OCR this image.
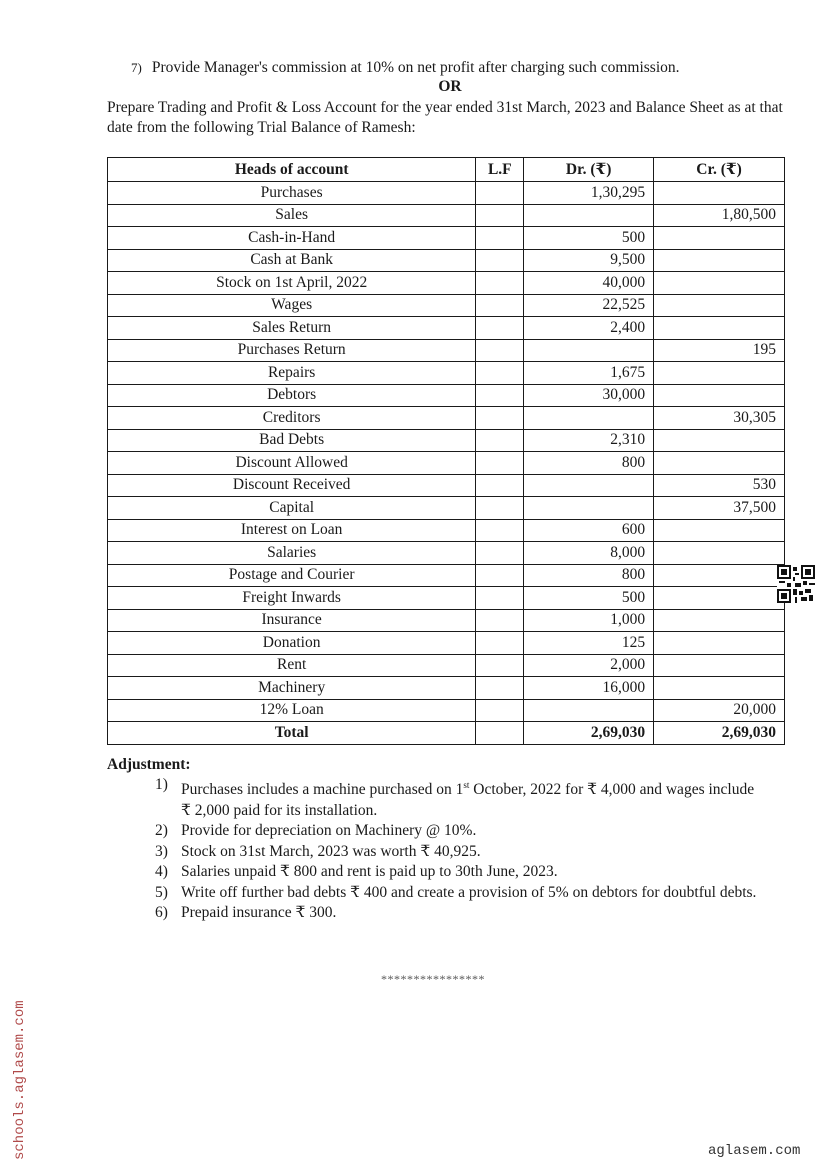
7) Provide Manager's commission at 10% on net profit after charging such commission.
OR
Prepare Trading and Profit & Loss Account for the year ended 31st March, 2023 and Balance Sheet as at that date from the following Trial Balance of Ramesh:
Heads of account	L.F	Dr. (₹)	Cr. (₹)
Purchases		1,30,295	
Sales			1,80,500
Cash-in-Hand		500	
Cash at Bank		9,500	
Stock on 1st April, 2022		40,000	
Wages		22,525	
Sales Return		2,400	
Purchases Return			195
Repairs		1,675	
Debtors		30,000	
Creditors			30,305
Bad Debts		2,310	
Discount Allowed		800	
Discount Received			530
Capital			37,500
Interest on Loan		600	
Salaries		8,000	
Postage and Courier		800	
Freight Inwards		500	
Insurance		1,000	
Donation		125	
Rent		2,000	
Machinery		16,000	
12% Loan			20,000
Total		2,69,030	2,69,030
Adjustment:
1) Purchases includes a machine purchased on 1st October, 2022 for ₹ 4,000 and wages include ₹ 2,000 paid for its installation.
2) Provide for depreciation on Machinery @ 10%.
3) Stock on 31st March, 2023 was worth ₹ 40,925.
4) Salaries unpaid ₹ 800 and rent is paid up to 30th June, 2023.
5) Write off further bad debts ₹ 400 and create a provision of 5% on debtors for doubtful debts.
6) Prepaid insurance ₹ 300.
****************
schools.aglasem.com	aglasem.com
